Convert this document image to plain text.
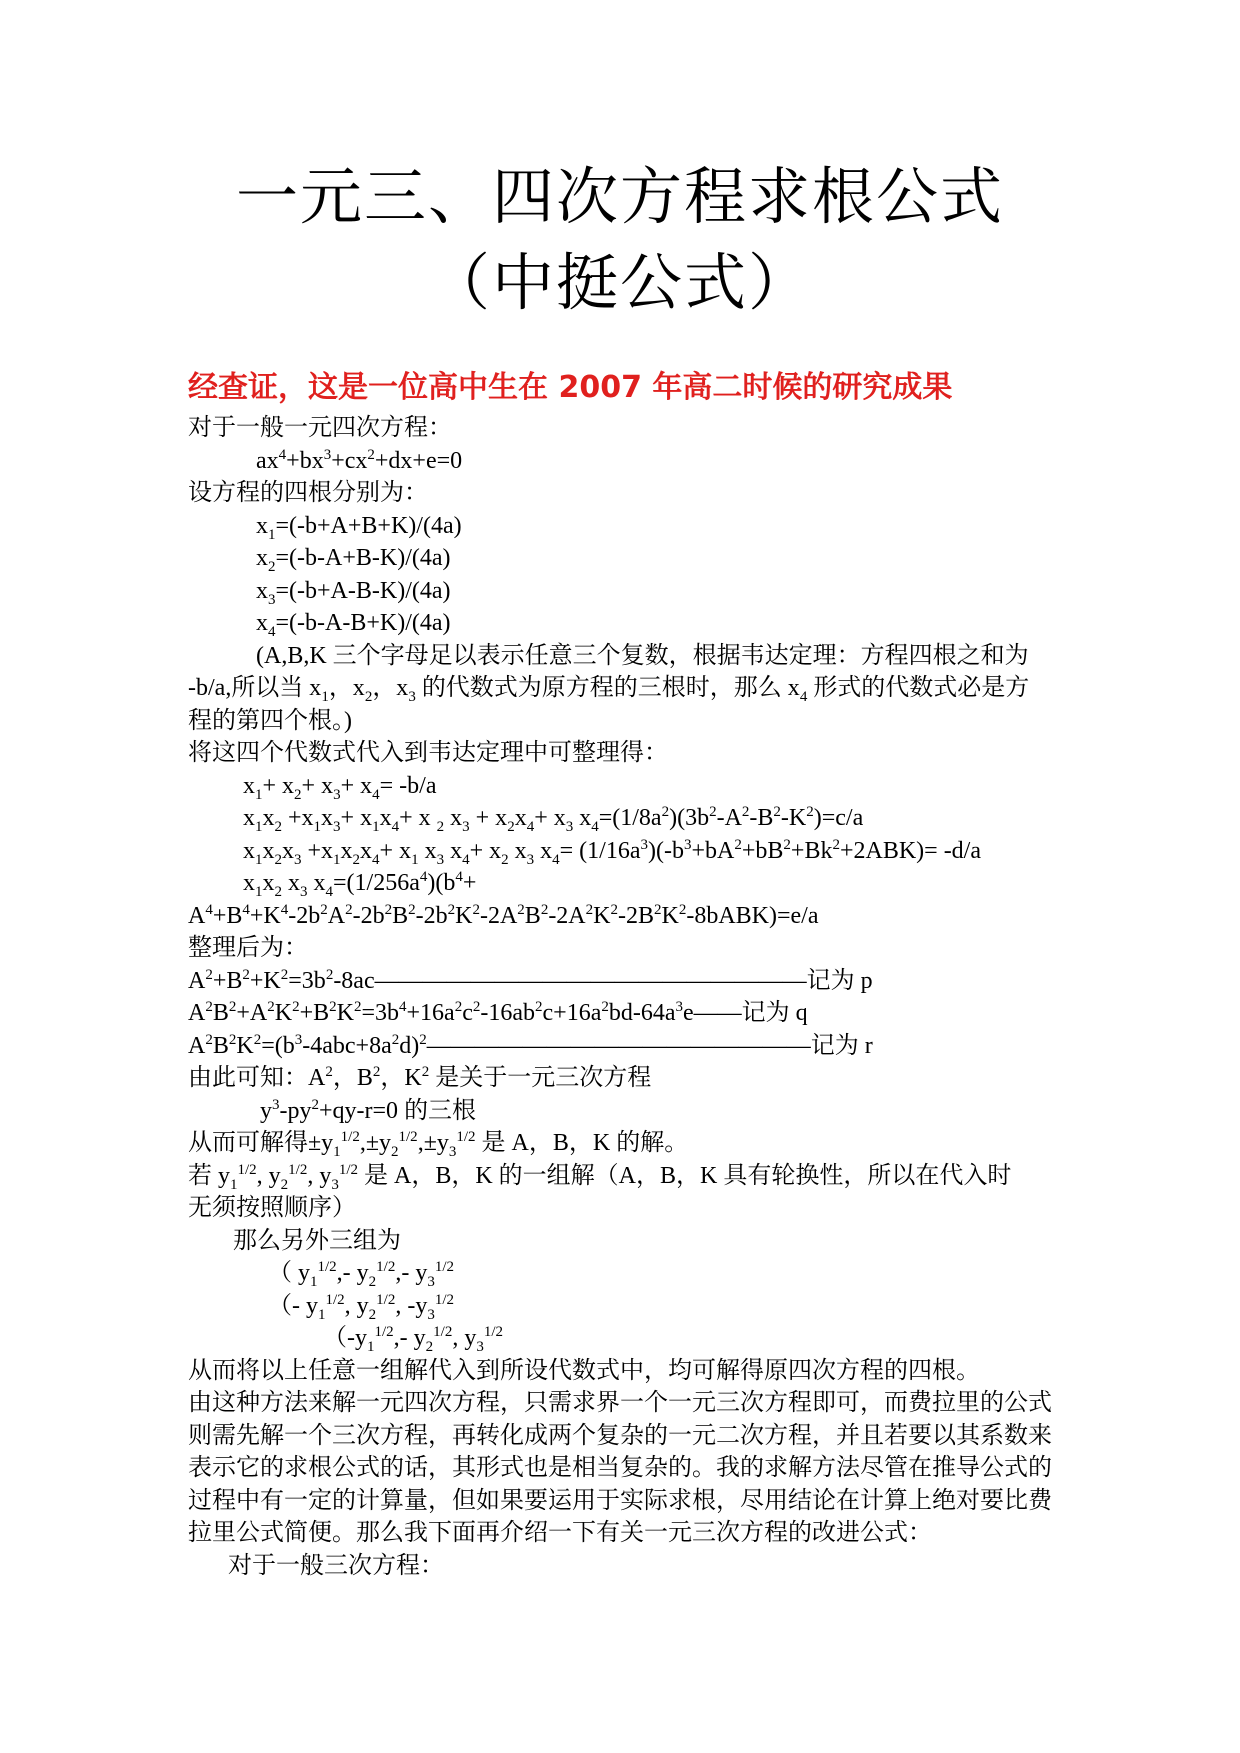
一元三、四次方程求根公式
（中挺公式）
经查证，这是一位高中生在 2007 年高二时候的研究成果
对于一般一元四次方程：
$ax^4+bx^3+cx^2+dx+e=0$
设方程的四根分别为：
$x_1=(-b+A+B+K)/(4a)$
$x_2=(-b-A+B-K)/(4a)$
$x_3=(-b+A-B-K)/(4a)$
$x_4=(-b-A-B+K)/(4a)$
(A,B,K 三个字母足以表示任意三个复数，根据韦达定理：方程四根之和为
-b/a,所以当 $x_1$，$x_2$，$x_3$ 的代数式为原方程的三根时，那么 $x_4$ 形式的代数式必是方
程的第四个根。)
将这四个代数式代入到韦达定理中可整理得：
$x_1+ x_2+ x_3+ x_4= -b/a$
$x_1x_2 +x_1x_3+ x_1x_4+ x$ $_2$ $x_3 + x_2x_4+ x_3$ $x_4=(1/8a^2)(3b^2-A^2-B^2-K^2)=c/a$
$x_1x_2x_3 +x_1x_2x_4+ x_1$ $x_3$ $x_4+ x_2$ $x_3$ $x_4= (1/16a^3)(-b^3+bA^2+bB^2+Bk^2+2ABK)= -d/a$
$x_1x_2$ $x_3$ $x_4=(1/256a^4)(b^4+$
$A^4+B^4+K^4-2b^2A^2-2b^2B^2-2b^2K^2-2A^2B^2-2A^2K^2-2B^2K^2-8bABK)=e/a$
整理后为：
$A^2+B^2+K^2=3b^2-8ac——————————————————$记为 p
$A^2B^2+A^2K^2+B^2K^2=3b^4+16a^2c^2-16ab^2c+16a^2bd-64a^3e——$记为 q
$A^2B^2K^2=(b^3-4abc+8a^2d)^2————————————————$记为 r
由此可知：$A^2$，$B^2$，$K^2$ 是关于一元三次方程
$y^3-py^2+qy-r=0$ 的三根
从而可解得$\pm y_1^{1/2},\pm y_2^{1/2},\pm y_3^{1/2}$ 是 A，B，K 的解。
若 $y_1^{1/2}$, $y_2^{1/2}$, $y_3^{1/2}$ 是 A，B，K 的一组解（A，B，K 具有轮换性，所以在代入时
无须按照顺序）
那么另外三组为
（ $y_1^{1/2},-$ $y_2^{1/2},-$ $y_3^{1/2}$
（- $y_1^{1/2}$, $y_2^{1/2}$, $-y_3^{1/2}$
（$-y_1^{1/2},-$ $y_2^{1/2}$, $y_3^{1/2}$
从而将以上任意一组解代入到所设代数式中，均可解得原四次方程的四根。
由这种方法来解一元四次方程，只需求界一个一元三次方程即可，而费拉里的公式则需先解一个三次方程，再转化成两个复杂的一元二次方程，并且若要以其系数来表示它的求根公式的话，其形式也是相当复杂的。我的求解方法尽管在推导公式的过程中有一定的计算量，但如果要运用于实际求根，尽用结论在计算上绝对要比费拉里公式简便。那么我下面再介绍一下有关一元三次方程的改进公式：
对于一般三次方程：
